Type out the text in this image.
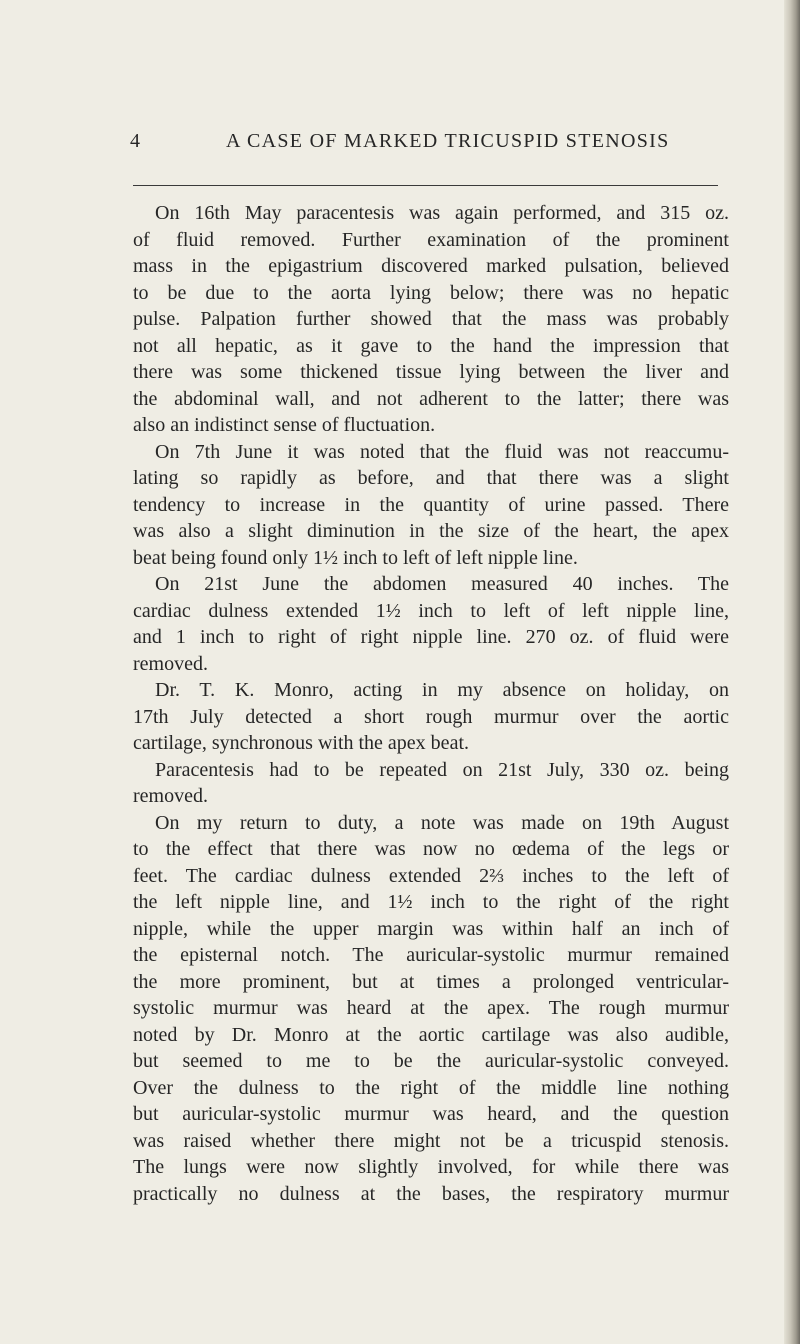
4	A CASE OF MARKED TRICUSPID STENOSIS
On 16th May paracentesis was again performed, and 315 oz.
of fluid removed. Further examination of the prominent
mass in the epigastrium discovered marked pulsation, believed
to be due to the aorta lying below; there was no hepatic
pulse. Palpation further showed that the mass was probably
not all hepatic, as it gave to the hand the impression that
there was some thickened tissue lying between the liver and
the abdominal wall, and not adherent to the latter; there was
also an indistinct sense of fluctuation.
On 7th June it was noted that the fluid was not reaccumu-
lating so rapidly as before, and that there was a slight
tendency to increase in the quantity of urine passed. There
was also a slight diminution in the size of the heart, the apex
beat being found only 1½ inch to left of left nipple line.
On 21st June the abdomen measured 40 inches. The
cardiac dulness extended 1½ inch to left of left nipple line,
and 1 inch to right of right nipple line. 270 oz. of fluid were
removed.
Dr. T. K. Monro, acting in my absence on holiday, on
17th July detected a short rough murmur over the aortic
cartilage, synchronous with the apex beat.
Paracentesis had to be repeated on 21st July, 330 oz. being
removed.
On my return to duty, a note was made on 19th August
to the effect that there was now no œdema of the legs or
feet. The cardiac dulness extended 2⅔ inches to the left of
the left nipple line, and 1½ inch to the right of the right
nipple, while the upper margin was within half an inch of
the episternal notch. The auricular-systolic murmur remained
the more prominent, but at times a prolonged ventricular-
systolic murmur was heard at the apex. The rough murmur
noted by Dr. Monro at the aortic cartilage was also audible,
but seemed to me to be the auricular-systolic conveyed.
Over the dulness to the right of the middle line nothing
but auricular-systolic murmur was heard, and the question
was raised whether there might not be a tricuspid stenosis.
The lungs were now slightly involved, for while there was
practically no dulness at the bases, the respiratory murmur
